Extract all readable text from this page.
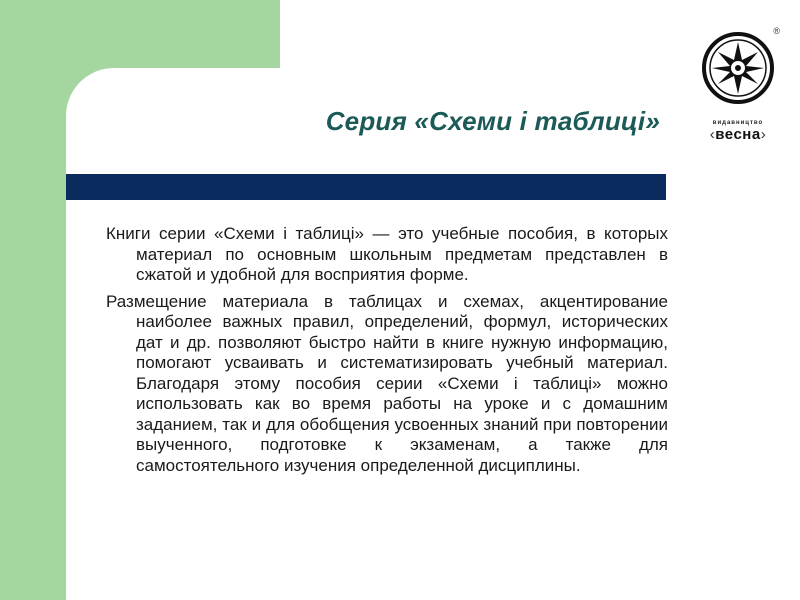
®
видавництво
‹весна›
Серия «Схеми і таблиці»

Книги серии «Схеми і таблиці» — это учебные пособия, в которых материал по основным школьным предметам представлен в сжатой и удобной для восприятия форме.

Размещение материала в таблицах и схемах, акцентирование наиболее важных правил, определений, формул, исторических дат и др. позволяют быстро найти в книге нужную информацию, помогают усваивать и систематизировать учебный материал. Благодаря этому пособия серии «Схеми і таблиці» можно использовать как во время работы на уроке и с домашним заданием, так и для обобщения усвоенных знаний при повторении выученного, подготовке к экзаменам, а также для самостоятельного изучения определенной дисциплины.
